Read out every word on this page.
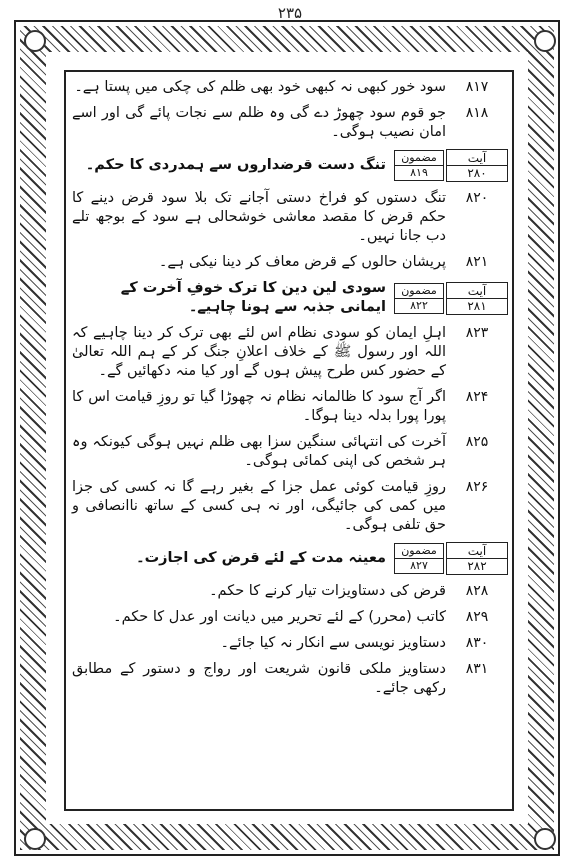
۲۳۵
۸۱۷
سود خور کبھی نہ کبھی خود بھی ظلم کی چکی میں پستا ہے۔
۸۱۸
جو قوم سود چھوڑ دے گی وہ ظلم سے نجات پائے گی اور اسے امان نصیب ہوگی۔
آیت
۲۸۰
مضمون
۸۱۹
تنگ دست قرضداروں سے ہمدردی کا حکم۔
۸۲۰
تنگ دستوں کو فراخ دستی آجانے تک بلا سود قرض دینے کا حکم قرض کا مقصد معاشی خوشحالی ہے سود کے بوجھ تلے دب جانا نہیں۔
۸۲۱
پریشان حالوں کے قرض معاف کر دینا نیکی ہے۔
آیت
۲۸۱
مضمون
۸۲۲
سودی لین دین کا ترک خوفِ آخرت کے ایمانی جذبہ سے ہونا چاہیے۔
۸۲۳
اہلِ ایمان کو سودی نظام اس لئے بھی ترک کر دینا چاہیے کہ اللہ اور رسول ﷺ کے خلاف اعلانِ جنگ کر کے ہم اللہ تعالیٰ کے حضور کس طرح پیش ہوں گے اور کیا منہ دکھائیں گے۔
۸۲۴
اگر آج سود کا ظالمانہ نظام نہ چھوڑا گیا تو روزِ قیامت اس کا پورا پورا بدلہ دینا ہوگا۔
۸۲۵
آخرت کی انتہائی سنگین سزا بھی ظلم نہیں ہوگی کیونکہ وہ ہر شخص کی اپنی کمائی ہوگی۔
۸۲۶
روزِ قیامت کوئی عمل جزا کے بغیر رہے گا نہ کسی کی جزا میں کمی کی جائیگی، اور نہ ہی کسی کے ساتھ ناانصافی و حق تلفی ہوگی۔
آیت
۲۸۲
مضمون
۸۲۷
معینہ مدت کے لئے قرض کی اجازت۔
۸۲۸
قرض کی دستاویزات تیار کرنے کا حکم۔
۸۲۹
کاتب (محرر) کے لئے تحریر میں دیانت اور عدل کا حکم۔
۸۳۰
دستاویز نویسی سے انکار نہ کیا جائے۔
۸۳۱
دستاویز ملکی قانون شریعت اور رواج و دستور کے مطابق رکھی جائے۔
